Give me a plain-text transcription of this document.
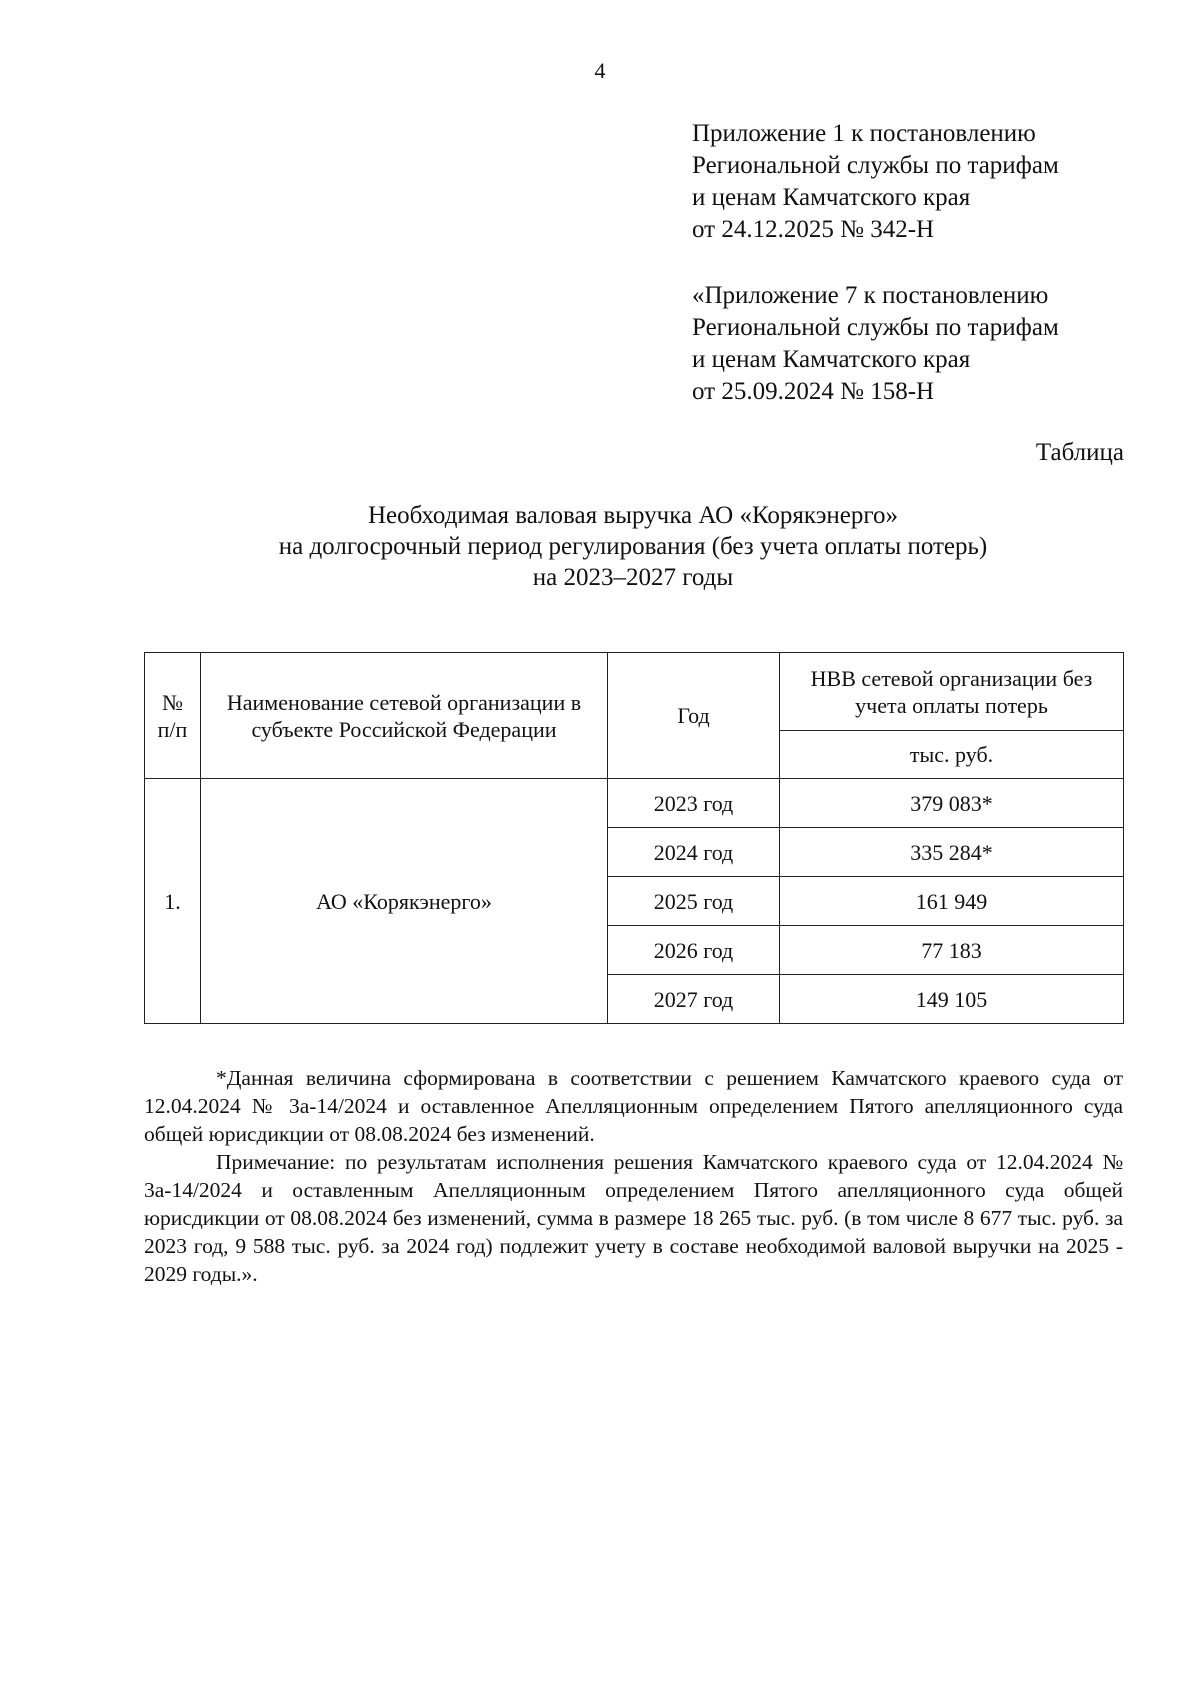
4
Приложение 1 к постановлению
Региональной службы по тарифам
и ценам Камчатского края
от 24.12.2025 № 342-Н
«Приложение 7 к постановлению
Региональной службы по тарифам
и ценам Камчатского края
от 25.09.2024 № 158-Н
Таблица
Необходимая валовая выручка АО «Корякэнерго»
на долгосрочный период регулирования (без учета оплаты потерь)
на 2023–2027 годы
№ п/п	Наименование сетевой организации в субъекте Российской Федерации	Год	НВВ сетевой организации без учета оплаты потерь
			тыс. руб.
1.	АО «Корякэнерго»	2023 год	379 083*
		2024 год	335 284*
		2025 год	161 949
		2026 год	77 183
		2027 год	149 105

*Данная величина сформирована в соответствии с решением Камчатского краевого суда от 12.04.2024 № 3а-14/2024 и оставленное Апелляционным определением Пятого апелляционного суда общей юрисдикции от 08.08.2024 без изменений.

Примечание: по результатам исполнения решения Камчатского краевого суда от 12.04.2024 № 3а-14/2024 и оставленным Апелляционным определением Пятого апелляционного суда общей юрисдикции от 08.08.2024 без изменений, сумма в размере 18 265 тыс. руб. (в том числе 8 677 тыс. руб. за 2023 год, 9 588 тыс. руб. за 2024 год) подлежит учету в составе необходимой валовой выручки на 2025 - 2029 годы.».
